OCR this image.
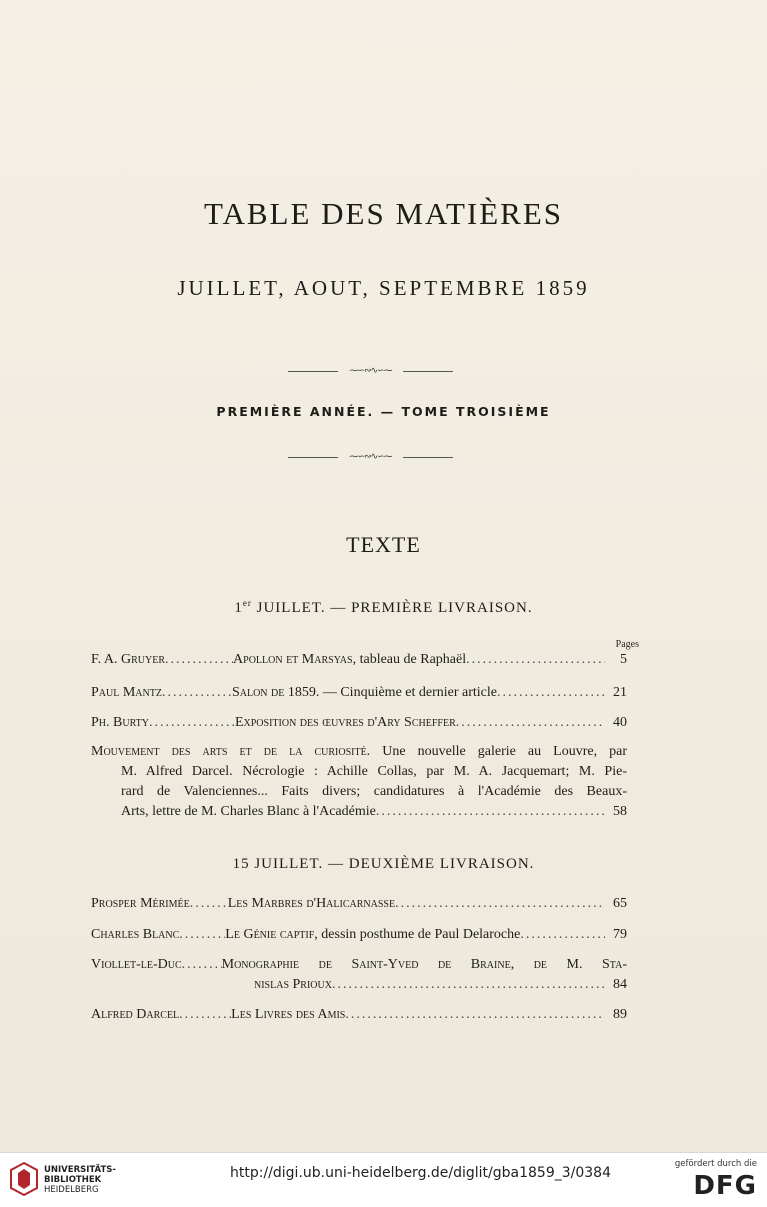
TABLE DES MATIÈRES
JUILLET, AOUT, SEPTEMBRE 1859
⁓∽∾∿∽⁓
PREMIÈRE ANNÉE. — TOME TROISIÈME
⁓∽∾∿∽⁓
TEXTE
1er JUILLET. — PREMIÈRE LIVRAISON.
Pages
F. A. Gruyer .....	Apollon et Marsyas, tableau de Raphaël .....	5
Paul Mantz .....	Salon de 1859. — Cinquième et dernier article .....	21
Ph. Burty .....	Exposition des œuvres d'Ary Scheffer .....	40
Mouvement des arts et de la curiosité. Une nouvelle galerie au Louvre, par
M. Alfred Darcel. Nécrologie : Achille Collas, par M. A. Jacquemart; M. Pie-
rard de Valenciennes... Faits divers; candidatures à l'Académie des Beaux-
Arts, lettre de M. Charles Blanc à l'Académie .....	58
15 JUILLET. — DEUXIÈME LIVRAISON.
Prosper Mérimée .....	Les Marbres d'Halicarnasse .....	65
Charles Blanc .....	Le Génie captif, dessin posthume de Paul Delaroche .....	79
Viollet-le-Duc .....	Monographie de Saint-Yved de Braine, de M. Sta-
nislas Prioux .....	84
Alfred Darcel .....	Les Livres des Amis .....	89
UNIVERSITÄTS-
BIBLIOTHEK
HEIDELBERG
http://digi.ub.uni-heidelberg.de/diglit/gba1859_3/0384
gefördert durch die
DFG
